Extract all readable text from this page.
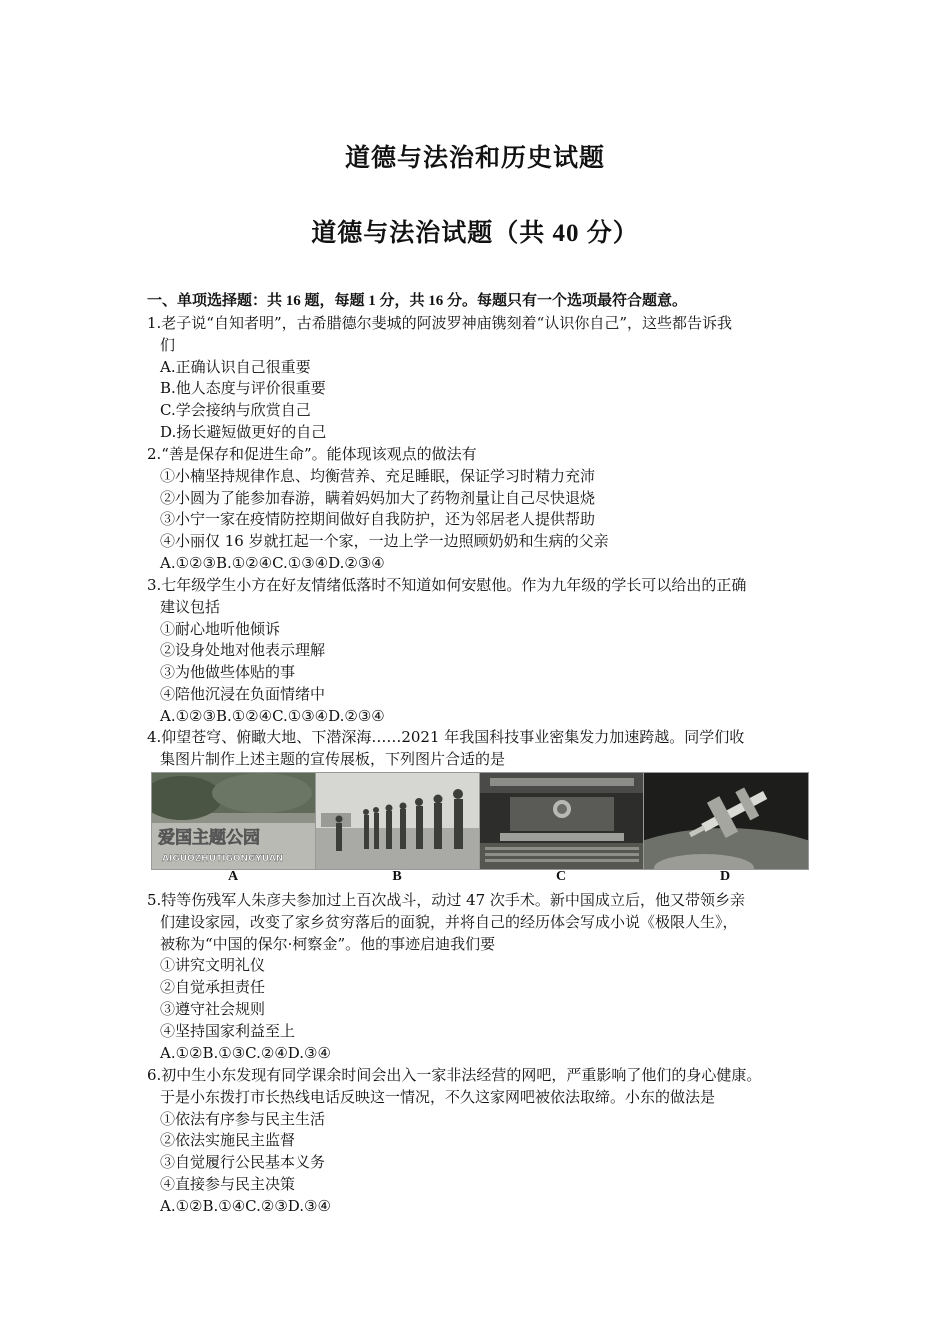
道德与法治和历史试题
道德与法治试题（共 40 分）
一、单项选择题：共 16 题，每题 1 分，共 16 分。每题只有一个选项最符合题意。
1.老子说“自知者明”，古希腊德尔斐城的阿波罗神庙镌刻着“认识你自己”，这些都告诉我
们
A.正确认识自己很重要
B.他人态度与评价很重要
C.学会接纳与欣赏自己
D.扬长避短做更好的自己
2.“善是保存和促进生命”。能体现该观点的做法有
①小楠坚持规律作息、均衡营养、充足睡眠，保证学习时精力充沛
②小圆为了能参加春游，瞒着妈妈加大了药物剂量让自己尽快退烧
③小宁一家在疫情防控期间做好自我防护，还为邻居老人提供帮助
④小丽仅 16 岁就扛起一个家，一边上学一边照顾奶奶和生病的父亲
A.①②③B.①②④C.①③④D.②③④
3.七年级学生小方在好友情绪低落时不知道如何安慰他。作为九年级的学长可以给出的正确
建议包括
①耐心地听他倾诉
②设身处地对他表示理解
③为他做些体贴的事
④陪他沉浸在负面情绪中
A.①②③B.①②④C.①③④D.②③④
4.仰望苍穹、俯瞰大地、下潜深海……2021 年我国科技事业密集发力加速跨越。同学们收
集图片制作上述主题的宣传展板，下列图片合适的是
爱国主题公园
AIGUOZHUTIGONGYUAN
A	B	C	D
5.特等伤残军人朱彦夫参加过上百次战斗，动过 47 次手术。新中国成立后，他又带领乡亲
们建设家园，改变了家乡贫穷落后的面貌，并将自己的经历体会写成小说《极限人生》，
被称为“中国的保尔·柯察金”。他的事迹启迪我们要
①讲究文明礼仪
②自觉承担责任
③遵守社会规则
④坚持国家利益至上
A.①②B.①③C.②④D.③④
6.初中生小东发现有同学课余时间会出入一家非法经营的网吧，严重影响了他们的身心健康。
于是小东拨打市长热线电话反映这一情况，不久这家网吧被依法取缔。小东的做法是
①依法有序参与民主生活
②依法实施民主监督
③自觉履行公民基本义务
④直接参与民主决策
A.①②B.①④C.②③D.③④
